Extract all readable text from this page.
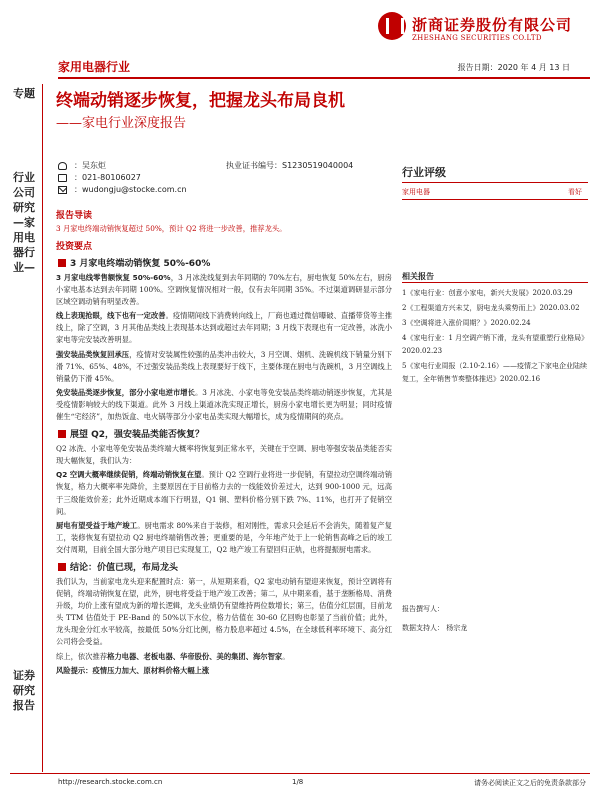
浙商证券股份有限公司
ZHESHANG SECURITIES CO.LTD
家用电器行业	报告日期：2020 年 4 月 13 日
专题
行业公司研究—家用电器行业—
证券研究报告
终端动销逐步恢复，把握龙头布局良机
——家电行业深度报告
：吴东炬	执业证书编号：S1230519040004
：021-80106027
：wudongju@stocke.com.cn
行业评级
家用电器	看好
相关报告
1《家电行业：创意小家电，新兴大发展》2020.03.29
2《工程渠道方兴未艾，厨电龙头乘势而上》2020.03.02
3《空调将进入涨价周期？》2020.02.24
4《家电行业：1 月空调产销下滑，龙头有望重塑行业格局》2020.02.23
5《家电行业周报（2.10-2.16）——疫情之下家电企业陆续复工，全年销售节奏整体推迟》2020.02.16
报告撰写人：
数据支持人： 杨宗龙
报告导读
3 月家电终端动销恢复超过 50%，预计 Q2 将进一步改善，推荐龙头。
投资要点
3 月家电终端动销恢复 50%-60%
3 月家电线零售额恢复 50%-60%，3 月冰洗线复到去年同期的 70%左右，厨电恢复 50%左右，厨房小家电基本达到去年同期 100%。空调恢复情况相对一般，仅有去年同期 35%。不过渠道调研显示部分区域空调动销有明显改善。
线上表现抢眼，线下也有一定改善。疫情期间线下消费转向线上，厂商也通过微信曝破、直播带货等主推线上，除了空调，3 月其他品类线上表现基本达到或超过去年同期；3 月线下表现也有一定改善，冰洗小家电等完安装改善明显。
强安装品类恢复回承压，疫情对安装属性较强的品类冲击较大，3 月空调、烟机、洗碗机线下销量分别下滑 71%、65%、48%，不过强安装品类线上表现要好于线下，主要体现在厨电与洗碗机，3 月空调线上销量仍下滑 45%。
免安装品类逐步恢复，部分小家电逆市增长。3 月冰洗、小家电等免安装品类终端动销逐步恢复，尤其是受疫情影响较大的线下渠道。此外 3 月线上渠道冰洗实现正增长，厨房小家电增长更为明显；同时疫情催生“宅经济”，加热饭盒、电火锅等部分小家电品类实现大幅增长，成为疫情期间的亮点。
展望 Q2，强安装品类能否恢复？
Q2 冰洗、小家电等免安装品类终端大概率将恢复到正常水平，关键在于空调、厨电等强安装品类能否实现大幅恢复，我们认为：
Q2 空调大概率继续促销，终端动销恢复在望。预计 Q2 空调行业将进一步促销，有望拉动空调终端动销恢复，格力大概率率先降价，主要原因在于目前格力去的一线能效价差过大，达到 900-1000 元，远高于三级能效价差；此外近期成本端下行明显，Q1 铜、塑料价格分别下跌 7%、11%，也打开了促销空间。
厨电有望受益于地产竣工。厨电需求 80%来自于装修，相对刚性，需求只会延后不会消失，随着复产复工，装修恢复有望拉动 Q2 厨电终端销售改善；更重要的是，今年地产处于上一轮销售高峰之后的竣工交付周期，目前全国大部分地产项目已实现复工，Q2 地产竣工有望回归正轨，也将提振厨电需求。
结论：价值已现，布局龙头
我们认为，当前家电龙头迎来配置时点：第一，从短期来看，Q2 家电动销有望迎来恢复，预计空调将有促销，终端动销恢复在望，此外，厨电将受益于地产竣工改善；第二，从中期来看，基于垄断格局、消费升级，均价上涨有望成为新的增长逻辑，龙头业绩仍有望维持两位数增长；第三，估值分红层面，目前龙头 TTM 估值处于 PE-Band 的 50%以下水位，格力估值在 30-60 亿回购也彰显了当前价值；此外，龙头现金分红水平较高，按最低 50%分红比例，格力股息率超过 4.5%，在全球低利率环境下、高分红公司将会受益。
综上，依次推荐格力电器、老板电器、华帝股份、美的集团、海尔智家。
风险提示：疫情压力加大、原材料价格大幅上涨
http://research.stocke.com.cn	1/8	请务必阅读正文之后的免责条款部分
